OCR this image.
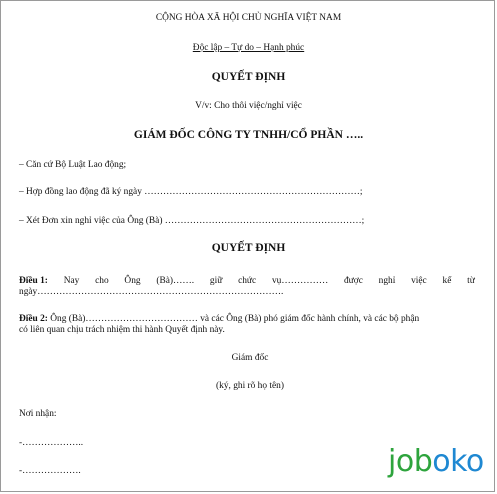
CỘNG HÒA XÃ HỘI CHỦ NGHĨA VIỆT NAM
Độc lập – Tự do – Hạnh phúc
QUYẾT ĐỊNH
V/v: Cho thôi việc/nghỉ việc
GIÁM ĐỐC CÔNG TY TNHH/CỔ PHẦN …..
– Căn cứ Bộ Luật Lao động;
– Hợp đồng lao động đã ký ngày ……………………………………………………………;
– Xét Đơn xin nghỉ việc của Ông (Bà) ………………………………………………………;
QUYẾT ĐỊNH
Điều 1: Nay cho Ông (Bà)……. giữ chức vụ…………… được nghỉ việc kể từ
ngày…………………………………………………………………….
Điều 2: Ông (Bà)……………………………… và các Ông (Bà) phó giám đốc hành chính, và các bộ phận
có liên quan chịu trách nhiệm thi hành Quyết định này.
Giám đốc
(ký, ghi rõ họ tên)
Nơi nhận:
-………………..
-……………….	joboko
